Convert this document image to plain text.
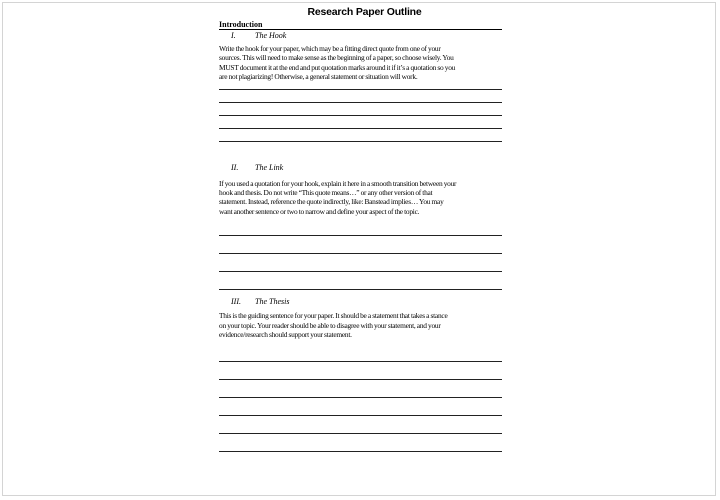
Research Paper Outline
Introduction
I.	The Hook
Write the hook for your paper, which may be a fitting direct quote from one of your
sources. This will need to make sense as the beginning of a paper, so choose wisely. You
MUST document it at the end and put quotation marks around it if it’s a quotation so you
are not plagiarizing! Otherwise, a general statement or situation will work.
II.	The Link
If you used a quotation for your hook, explain it here in a smooth transition between your
hook and thesis. Do not write “This quote means…” or any other version of that
statement. Instead, reference the quote indirectly, like: Banstead implies… You may
want another sentence or two to narrow and define your aspect of the topic.
III.	The Thesis
This is the guiding sentence for your paper. It should be a statement that takes a stance
on your topic. Your reader should be able to disagree with your statement, and your
evidence/research should support your statement.
